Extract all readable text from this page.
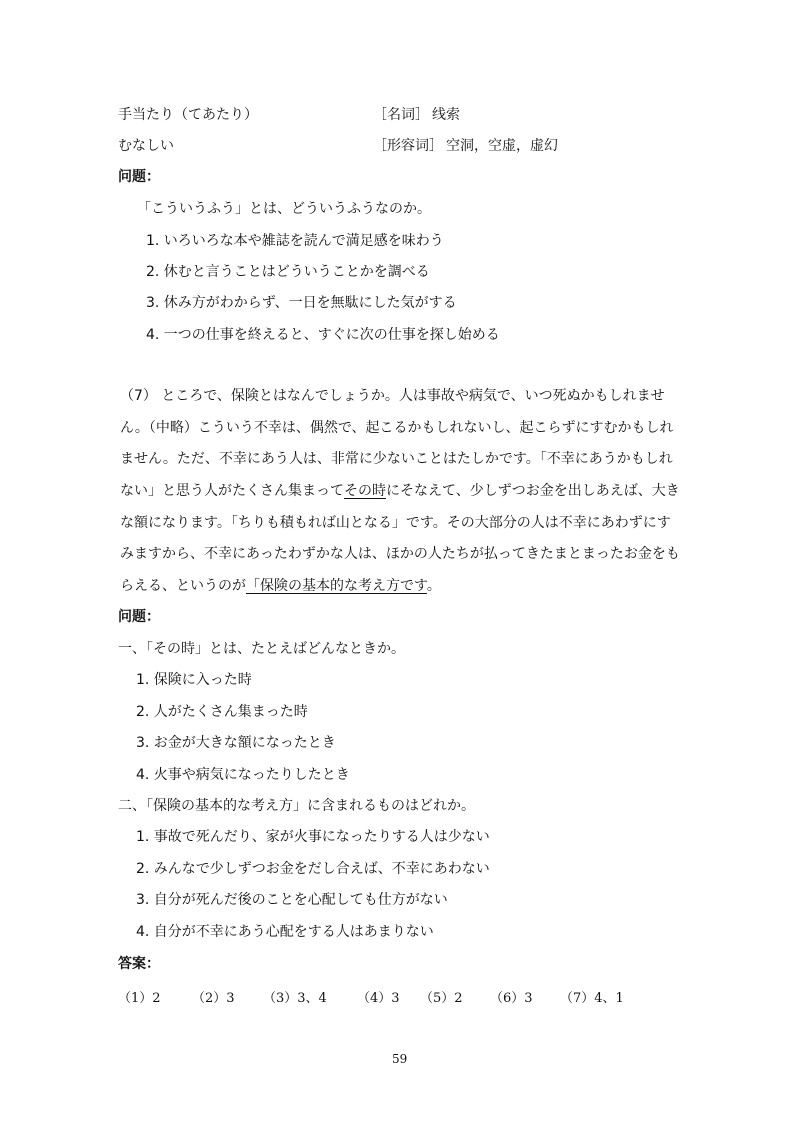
手当たり（てあたり）	［名词］ 线索
むなしい	［形容词］ 空洞，空虚，虚幻
问题：
「こういうふう」とは、どういうふうなのか。
1. いろいろな本や雑誌を読んで満足感を味わう
2. 休むと言うことはどういうことかを調べる
3. 休み方がわからず、一日を無駄にした気がする
4. 一つの仕事を終えると、すぐに次の仕事を探し始める
（7） ところで、保険とはなんでしょうか。人は事故や病気で、いつ死ぬかもしれませ
ん。（中略）こういう不幸は、偶然で、起こるかもしれないし、起こらずにすむかもしれ
ません。ただ、不幸にあう人は、非常に少ないことはたしかです。「不幸にあうかもしれ
ない」と思う人がたくさん集まってその時にそなえて、少しずつお金を出しあえば、大き
な額になります。「ちりも積もれば山となる」です。その大部分の人は不幸にあわずにす
みますから、不幸にあったわずかな人は、ほかの人たちが払ってきたまとまったお金をも
らえる、というのが「保険の基本的な考え方です。
问题：
一、「その時」とは、たとえばどんなときか。
1. 保険に入った時
2. 人がたくさん集まった時
3. お金が大きな額になったとき
4. 火事や病気になったりしたとき
二、「保険の基本的な考え方」に含まれるものはどれか。
1. 事故で死んだり、家が火事になったりする人は少ない
2. みんなで少しずつお金をだし合えば、不幸にあわない
3. 自分が死んだ後のことを心配しても仕方がない
4. 自分が不幸にあう心配をする人はあまりない
答案：
（1）2 （2）3 （3）3、4 （4）3 （5）2 （6）3 （7）4、1
59
